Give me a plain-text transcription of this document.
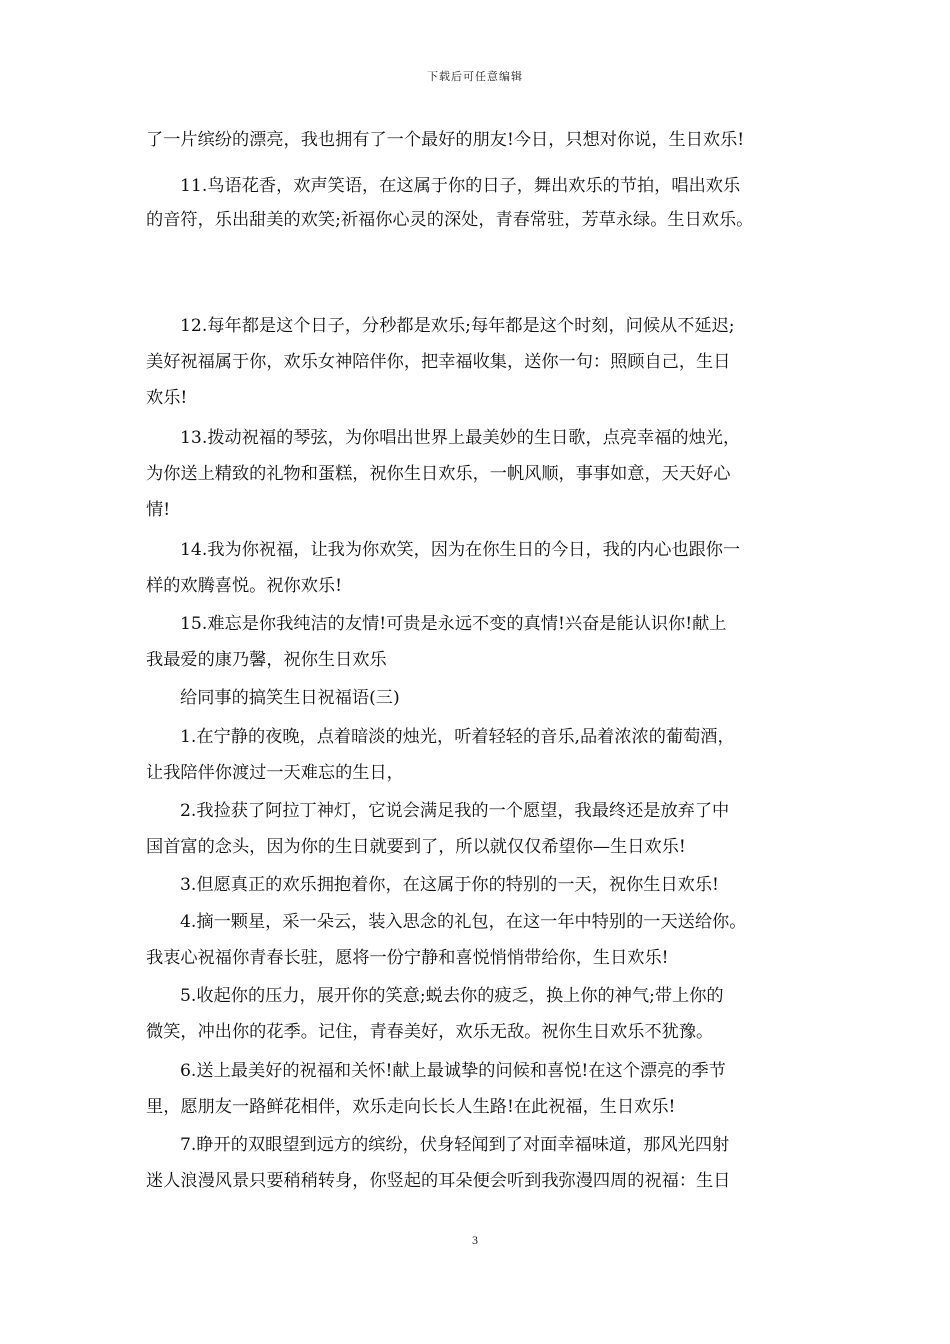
下载后可任意编辑
了一片缤纷的漂亮，我也拥有了一个最好的朋友!今日，只想对你说，生日欢乐!
11.鸟语花香，欢声笑语，在这属于你的日子，舞出欢乐的节拍，唱出欢乐
的音符，乐出甜美的欢笑;祈福你心灵的深处，青春常驻，芳草永绿。生日欢乐。
12.每年都是这个日子，分秒都是欢乐;每年都是这个时刻，问候从不延迟;
美好祝福属于你，欢乐女神陪伴你，把幸福收集，送你一句：照顾自己，生日
欢乐!
13.拨动祝福的琴弦，为你唱出世界上最美妙的生日歌，点亮幸福的烛光，
为你送上精致的礼物和蛋糕，祝你生日欢乐，一帆风顺，事事如意，天天好心
情!
14.我为你祝福，让我为你欢笑，因为在你生日的今日，我的内心也跟你一
样的欢腾喜悦。祝你欢乐!
15.难忘是你我纯洁的友情!可贵是永远不变的真情!兴奋是能认识你!献上
我最爱的康乃馨，祝你生日欢乐
给同事的搞笑生日祝福语(三)
1.在宁静的夜晚，点着暗淡的烛光，听着轻轻的音乐,品着浓浓的葡萄酒，
让我陪伴你渡过一天难忘的生日，
2.我捡获了阿拉丁神灯，它说会满足我的一个愿望，我最终还是放弃了中
国首富的念头，因为你的生日就要到了，所以就仅仅希望你—生日欢乐!
3.但愿真正的欢乐拥抱着你，在这属于你的特别的一天，祝你生日欢乐!
4.摘一颗星，采一朵云，装入思念的礼包，在这一年中特别的一天送给你。
我衷心祝福你青春长驻，愿将一份宁静和喜悦悄悄带给你，生日欢乐!
5.收起你的压力，展开你的笑意;蜕去你的疲乏，换上你的神气;带上你的
微笑，冲出你的花季。记住，青春美好，欢乐无敌。祝你生日欢乐不犹豫。
6.送上最美好的祝福和关怀!献上最诚挚的问候和喜悦!在这个漂亮的季节
里，愿朋友一路鲜花相伴，欢乐走向长长人生路!在此祝福，生日欢乐!
7.睁开的双眼望到远方的缤纷，伏身轻闻到了对面幸福味道，那风光四射
迷人浪漫风景只要稍稍转身，你竖起的耳朵便会听到我弥漫四周的祝福：生日
3
